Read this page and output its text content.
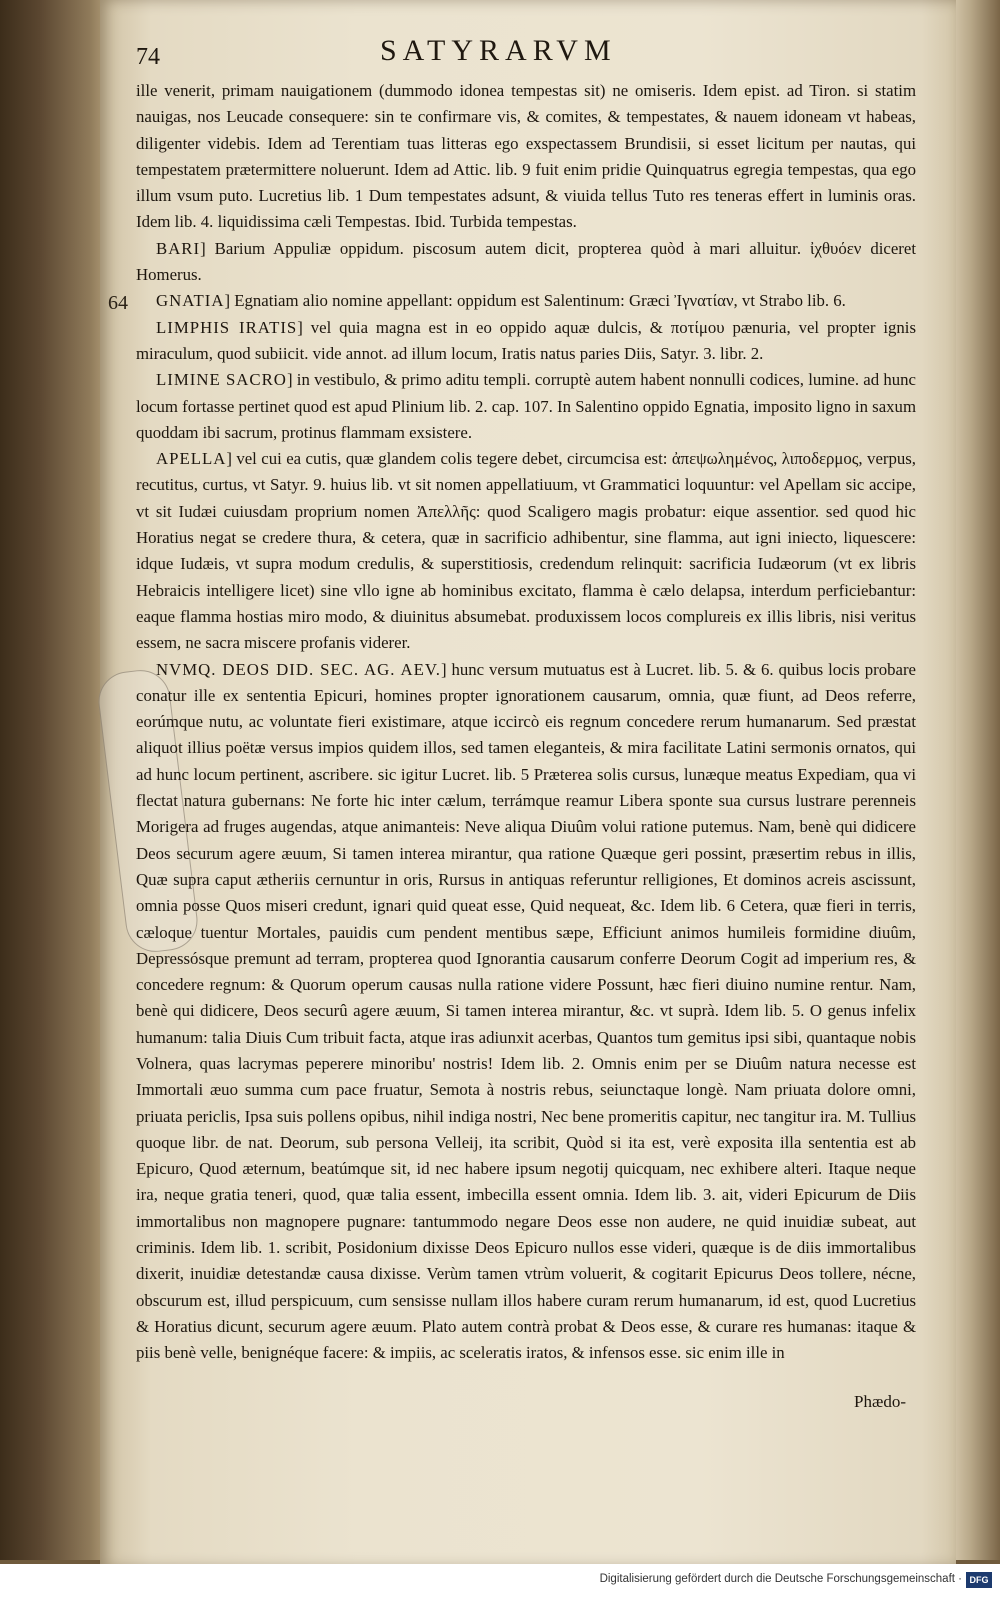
74	SATYRARVM
64

ille venerit, primam nauigationem (dummodo idonea tempestas sit) ne omiseris. Idem epist. ad Tiron. si statim nauigas, nos Leucade consequere: sin te confirmare vis, & comites, & tempestates, & nauem idoneam vt habeas, diligenter videbis. Idem ad Terentiam tuas litteras ego exspectassem Brundisii, si esset licitum per nautas, qui tempestatem prætermittere noluerunt. Idem ad Attic. lib. 9 fuit enim pridie Quinquatrus egregia tempestas, qua ego illum vsum puto. Lucretius lib. 1 Dum tempestates adsunt, & viuida tellus Tuto res teneras effert in luminis oras. Idem lib. 4. liquidissima cæli Tempestas. Ibid. Turbida tempestas.

BARI] Barium Appuliæ oppidum. piscosum autem dicit, propterea quòd à mari alluitur. ἰχθυόεν diceret Homerus.

GNATIA] Egnatiam alio nomine appellant: oppidum est Salentinum: Græci Ἰγνατίαν, vt Strabo lib. 6.

LIMPHIS IRATIS] vel quia magna est in eo oppido aquæ dulcis, & ποτίμου pænuria, vel propter ignis miraculum, quod subiicit. vide annot. ad illum locum, Iratis natus paries Diis, Satyr. 3. libr. 2.

LIMINE SACRO] in vestibulo, & primo aditu templi. corruptè autem habent nonnulli codices, lumine. ad hunc locum fortasse pertinet quod est apud Plinium lib. 2. cap. 107. In Salentino oppido Egnatia, imposito ligno in saxum quoddam ibi sacrum, protinus flammam exsistere.

APELLA] vel cui ea cutis, quæ glandem colis tegere debet, circumcisa est: ἀπεψωλημένος, λιποδερμος, verpus, recutitus, curtus, vt Satyr. 9. huius lib. vt sit nomen appellatiuum, vt Grammatici loquuntur: vel Apellam sic accipe, vt sit Iudæi cuiusdam proprium nomen Ἀπελλῆς: quod Scaligero magis probatur: eique assentior. sed quod hic Horatius negat se credere thura, & cetera, quæ in sacrificio adhibentur, sine flamma, aut igni iniecto, liquescere: idque Iudæis, vt supra modum credulis, & superstitiosis, credendum relinquit: sacrificia Iudæorum (vt ex libris Hebraicis intelligere licet) sine vllo igne ab hominibus excitato, flamma è cælo delapsa, interdum perficiebantur: eaque flamma hostias miro modo, & diuinitus absumebat. produxissem locos complureis ex illis libris, nisi veritus essem, ne sacra miscere profanis viderer.

NVMQ. DEOS DID. SEC. AG. AEV.] hunc versum mutuatus est à Lucret. lib. 5. & 6. quibus locis probare conatur ille ex sententia Epicuri, homines propter ignorationem causarum, omnia, quæ fiunt, ad Deos referre, eorúmque nutu, ac voluntate fieri existimare, atque iccircò eis regnum concedere rerum humanarum. Sed præstat aliquot illius poëtæ versus impios quidem illos, sed tamen eleganteis, & mira facilitate Latini sermonis ornatos, qui ad hunc locum pertinent, ascribere. sic igitur Lucret. lib. 5 Præterea solis cursus, lunæque meatus Expediam, qua vi flectat natura gubernans: Ne forte hic inter cælum, terrámque reamur Libera sponte sua cursus lustrare perenneis Morigera ad fruges augendas, atque animanteis: Neve aliqua Diuûm volui ratione putemus. Nam, benè qui didicere Deos securum agere æuum, Si tamen interea mirantur, qua ratione Quæque geri possint, præsertim rebus in illis, Quæ supra caput ætheriis cernuntur in oris, Rursus in antiquas referuntur relligiones, Et dominos acreis ascissunt, omnia posse Quos miseri credunt, ignari quid queat esse, Quid nequeat, &c. Idem lib. 6 Cetera, quæ fieri in terris, cæloque tuentur Mortales, pauidis cum pendent mentibus sæpe, Efficiunt animos humileis formidine diuûm, Depressósque premunt ad terram, propterea quod Ignorantia causarum conferre Deorum Cogit ad imperium res, & concedere regnum: & Quorum operum causas nulla ratione videre Possunt, hæc fieri diuino numine rentur. Nam, benè qui didicere, Deos securû agere æuum, Si tamen interea mirantur, &c. vt suprà. Idem lib. 5. O genus infelix humanum: talia Diuis Cum tribuit facta, atque iras adiunxit acerbas, Quantos tum gemitus ipsi sibi, quantaque nobis Volnera, quas lacrymas peperere minoribu' nostris! Idem lib. 2. Omnis enim per se Diuûm natura necesse est Immortali æuo summa cum pace fruatur, Semota à nostris rebus, seiunctaque longè. Nam priuata dolore omni, priuata periclis, Ipsa suis pollens opibus, nihil indiga nostri, Nec bene promeritis capitur, nec tangitur ira. M. Tullius quoque libr. de nat. Deorum, sub persona Velleij, ita scribit, Quòd si ita est, verè exposita illa sententia est ab Epicuro, Quod æternum, beatúmque sit, id nec habere ipsum negotij quicquam, nec exhibere alteri. Itaque neque ira, neque gratia teneri, quod, quæ talia essent, imbecilla essent omnia. Idem lib. 3. ait, videri Epicurum de Diis immortalibus non magnopere pugnare: tantummodo negare Deos esse non audere, ne quid inuidiæ subeat, aut criminis. Idem lib. 1. scribit, Posidonium dixisse Deos Epicuro nullos esse videri, quæque is de diis immortalibus dixerit, inuidiæ detestandæ causa dixisse. Verùm tamen vtrùm voluerit, & cogitarit Epicurus Deos tollere, nécne, obscurum est, illud perspicuum, cum sensisse nullam illos habere curam rerum humanarum, id est, quod Lucretius & Horatius dicunt, securum agere æuum. Plato autem contrà probat & Deos esse, & curare res humanas: itaque & piis benè velle, benignéque facere: & impiis, ac sceleratis iratos, & infensos esse. sic enim ille in

Phædo-
Digitalisierung gefördert durch die Deutsche Forschungsgemeinschaft · DFG
